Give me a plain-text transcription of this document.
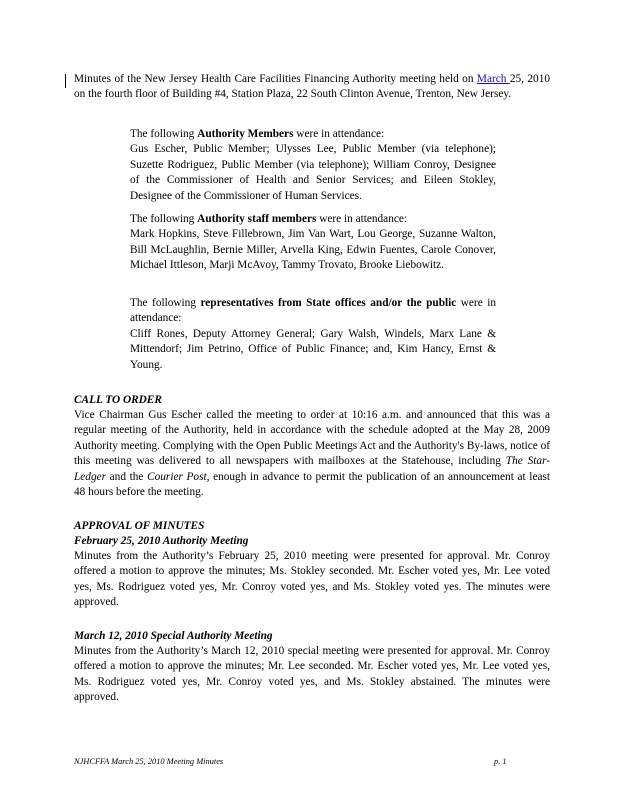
Minutes of the New Jersey Health Care Facilities Financing Authority meeting held on March 25, 2010 on the fourth floor of Building #4, Station Plaza, 22 South Clinton Avenue, Trenton, New Jersey.

The following Authority Members were in attendance:
Gus Escher, Public Member; Ulysses Lee, Public Member (via telephone); Suzette Rodriguez, Public Member (via telephone); William Conroy, Designee of the Commissioner of Health and Senior Services; and Eileen Stokley, Designee of the Commissioner of Human Services.

The following Authority staff members were in attendance:
Mark Hopkins, Steve Fillebrown, Jim Van Wart, Lou George, Suzanne Walton, Bill McLaughlin, Bernie Miller, Arvella King, Edwin Fuentes, Carole Conover, Michael Ittleson, Marji McAvoy, Tammy Trovato, Brooke Liebowitz.

The following representatives from State offices and/or the public were in attendance:
Cliff Rones, Deputy Attorney General; Gary Walsh, Windels, Marx Lane & Mittendorf; Jim Petrino, Office of Public Finance; and, Kim Hancy, Ernst & Young.

CALL TO ORDER

Vice Chairman Gus Escher called the meeting to order at 10:16 a.m. and announced that this was a regular meeting of the Authority, held in accordance with the schedule adopted at the May 28, 2009 Authority meeting. Complying with the Open Public Meetings Act and the Authority's By-laws, notice of this meeting was delivered to all newspapers with mailboxes at the Statehouse, including The Star-Ledger and the Courier Post, enough in advance to permit the publication of an announcement at least 48 hours before the meeting.

APPROVAL OF MINUTES

February 25, 2010 Authority Meeting

Minutes from the Authority’s February 25, 2010 meeting were presented for approval. Mr. Conroy offered a motion to approve the minutes; Ms. Stokley seconded. Mr. Escher voted yes, Mr. Lee voted yes, Ms. Rodriguez voted yes, Mr. Conroy voted yes, and Ms. Stokley voted yes. The minutes were approved.

March 12, 2010 Special Authority Meeting

Minutes from the Authority’s March 12, 2010 special meeting were presented for approval. Mr. Conroy offered a motion to approve the minutes; Mr. Lee seconded. Mr. Escher voted yes, Mr. Lee voted yes, Ms. Rodriguez voted yes, Mr. Conroy voted yes, and Ms. Stokley abstained. The minutes were approved.

NJHCFFA March 25, 2010 Meeting Minutes	p. 1
